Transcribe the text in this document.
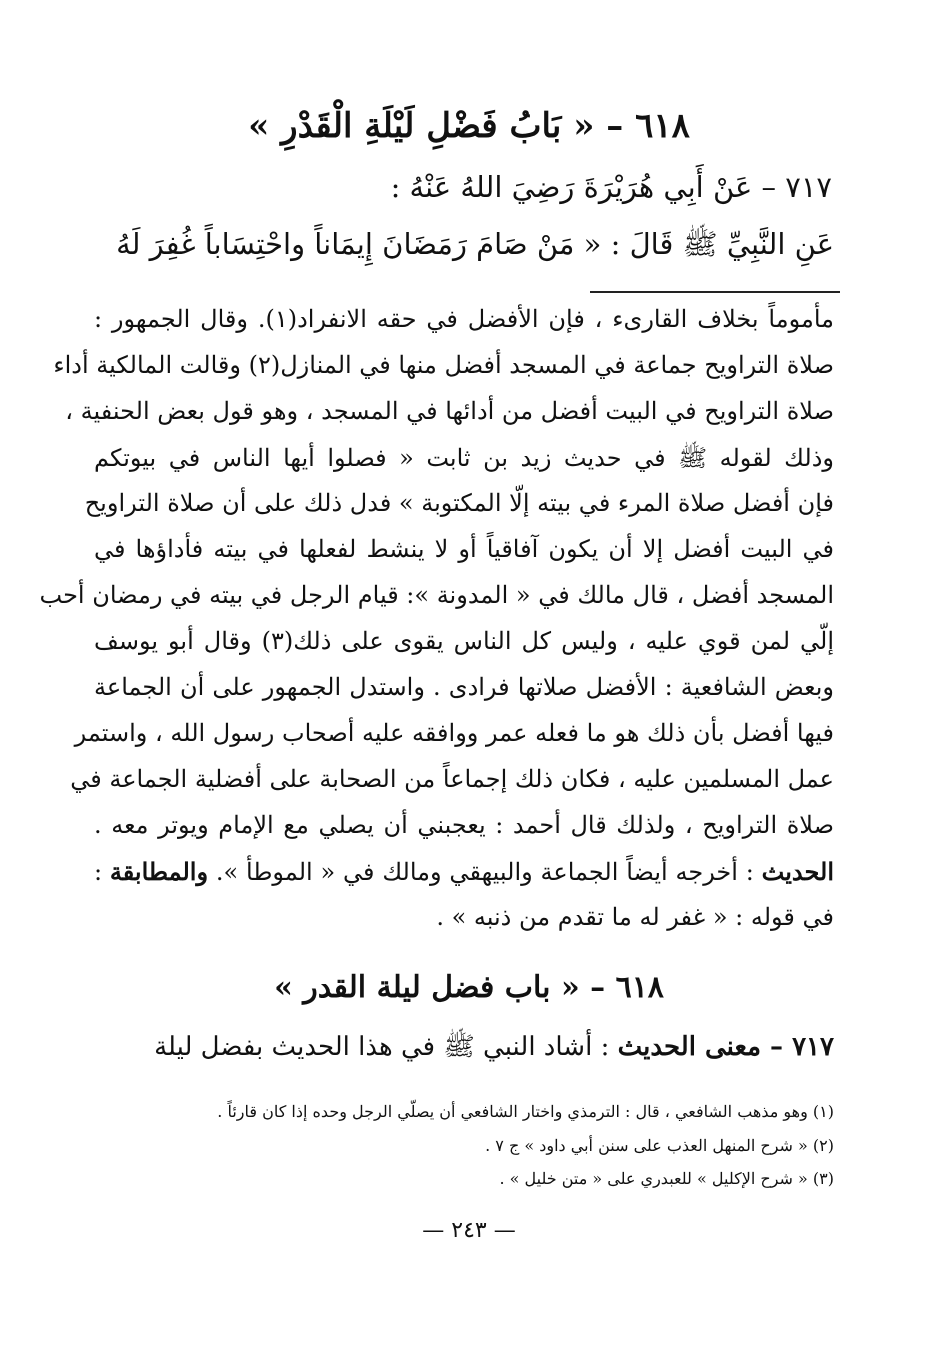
٦١٨ – « بَابُ فَضْلِ لَيْلَةِ الْقَدْرِ »
٧١٧ – عَنْ أَبِي هُرَيْرَةَ رَضِيَ اللهُ عَنْهُ :
عَنِ النَّبِيِّ ﷺ قَالَ : « مَنْ صَامَ رَمَضَانَ إِيمَاناً واحْتِسَاباً غُفِرَ لَهُ
مأموماً بخلاف القارىء ، فإن الأفضل في حقه الانفراد(١). وقال الجمهور :
صلاة التراويح جماعة في المسجد أفضل منها في المنازل(٢) وقالت المالكية أداء
صلاة التراويح في البيت أفضل من أدائها في المسجد ، وهو قول بعض الحنفية ،
وذلك لقوله ﷺ في حديث زيد بن ثابت « فصلوا أيها الناس في بيوتكم
فإن أفضل صلاة المرء في بيته إلّا المكتوبة » فدل ذلك على أن صلاة التراويح
في البيت أفضل إلا أن يكون آفاقياً أو لا ينشط لفعلها في بيته فأداؤها في
المسجد أفضل ، قال مالك في « المدونة »: قيام الرجل في بيته في رمضان أحب
إلّي لمن قوي عليه ، وليس كل الناس يقوى على ذلك(٣) وقال أبو يوسف
وبعض الشافعية : الأفضل صلاتها فرادى . واستدل الجمهور على أن الجماعة
فيها أفضل بأن ذلك هو ما فعله عمر ووافقه عليه أصحاب رسول الله ، واستمر
عمل المسلمين عليه ، فكان ذلك إجماعاً من الصحابة على أفضلية الجماعة في
صلاة التراويح ، ولذلك قال أحمد : يعجبني أن يصلي مع الإمام ويوتر معه .
الحديث : أخرجه أيضاً الجماعة والبيهقي ومالك في « الموطأ ». والمطابقة :
في قوله : « غفر له ما تقدم من ذنبه » .
٦١٨ – « باب فضل ليلة القدر »
٧١٧ – معنى الحديث : أشاد النبي ﷺ في هذا الحديث بفضل ليلة
(١) وهو مذهب الشافعي ، قال : الترمذي واختار الشافعي أن يصلّي الرجل وحده إذا كان قارئاً .
(٢) « شرح المنهل العذب على سنن أبي داود » ج ٧ .
(٣) « شرح الإكليل » للعبدري على « متن خليل » .
— ٢٤٣ —
